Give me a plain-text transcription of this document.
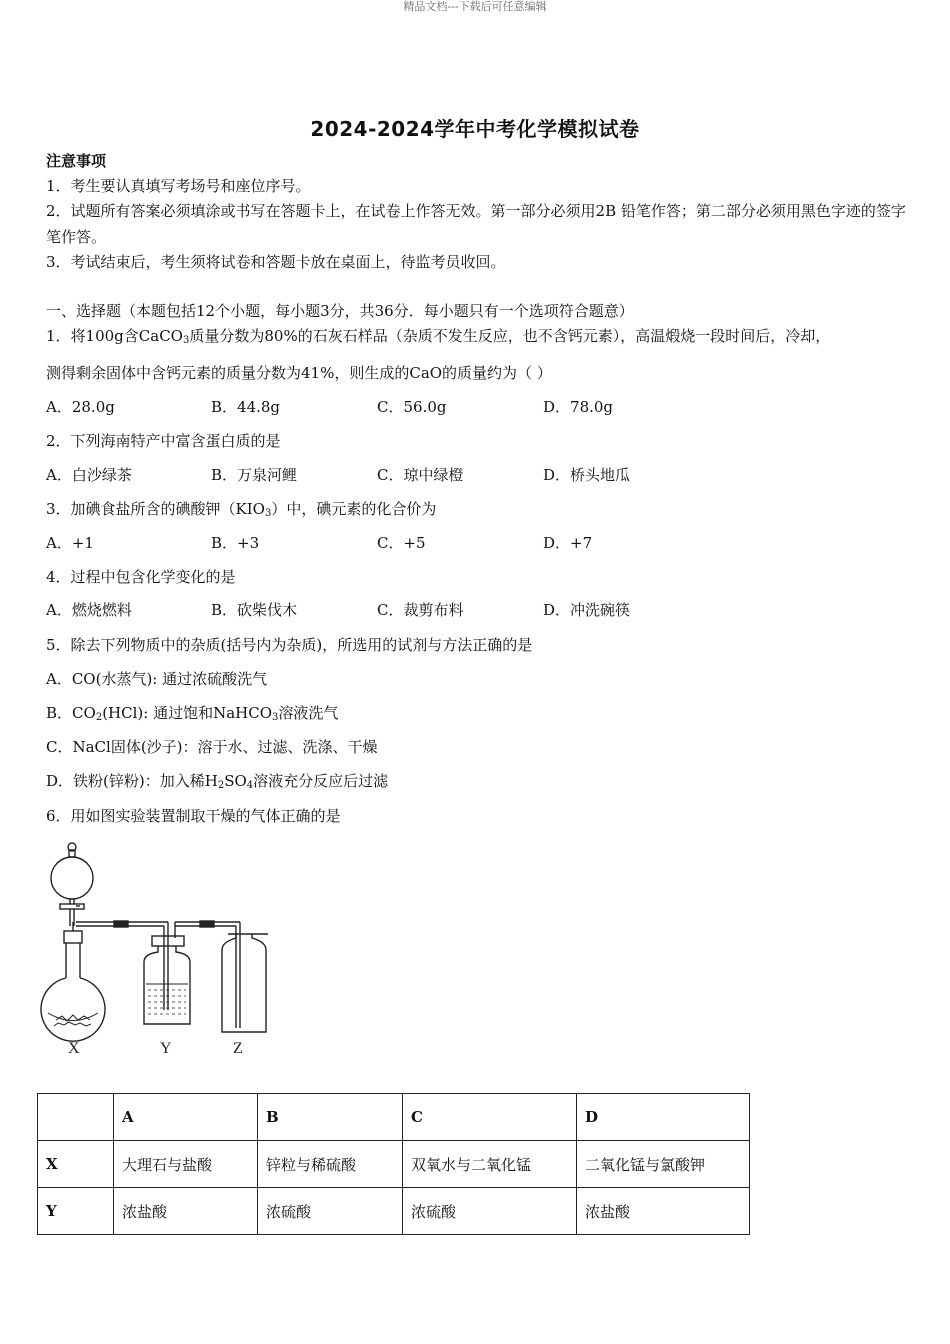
精品文档---下载后可任意编辑
2024-2024学年中考化学模拟试卷
注意事项
1．考生要认真填写考场号和座位序号。
2．试题所有答案必须填涂或书写在答题卡上，在试卷上作答无效。第一部分必须用2B 铅笔作答；第二部分必须用黑色字迹的签字笔作答。
3．考试结束后，考生须将试卷和答题卡放在桌面上，待监考员收回。
一、选择题（本题包括12个小题，每小题3分，共36分．每小题只有一个选项符合题意）
1．将100g含CaCO$_3$质量分数为80%的石灰石样品（杂质不发生反应，也不含钙元素），高温煅烧一段时间后，冷却，
测得剩余固体中含钙元素的质量分数为41%，则生成的CaO的质量约为（ ）
A．28.0g	B．44.8g	C．56.0g	D．78.0g
2．下列海南特产中富含蛋白质的是
A．白沙绿茶	B．万泉河鲤	C．琼中绿橙	D．桥头地瓜
3．加碘食盐所含的碘酸钾$(KIO_3)$中，碘元素的化合价为
A．+1	B．+3	C．+5	D．+7
4．过程中包含化学变化的是
A．燃烧燃料	B．砍柴伐木	C．裁剪布料	D．冲洗碗筷
5．除去下列物质中的杂质(括号内为杂质)，所选用的试剂与方法正确的是
A．CO(水蒸气): 通过浓硫酸洗气
B．$CO_2(HCl)$: 通过饱和NaHCO$_3$溶液洗气
C．NaCl固体(沙子)：溶于水、过滤、洗涤、干燥
D．铁粉(锌粉)：加入稀$H_2SO_4$溶液充分反应后过滤
6．用如图实验装置制取干燥的气体正确的是
X	Y	Z
	A	B	C	D
X	大理石与盐酸	锌粒与稀硫酸	双氧水与二氧化锰	二氧化锰与氯酸钾
Y	浓盐酸	浓硫酸	浓硫酸	浓盐酸
